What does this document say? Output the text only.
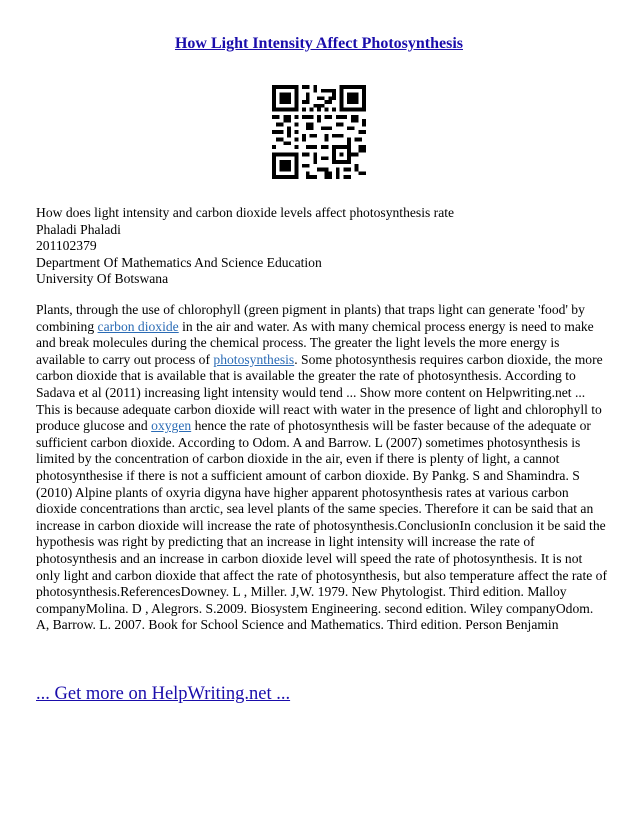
How Light Intensity Affect Photosynthesis
How does light intensity and carbon dioxide levels affect photosynthesis rate
Phaladi Phaladi
201102379
Department Of Mathematics And Science Education
University Of Botswana

Plants, through the use of chlorophyll (green pigment in plants) that traps light can generate 'food' by combining carbon dioxide in the air and water. As with many chemical process energy is need to make and break molecules during the chemical process. The greater the light levels the more energy is available to carry out process of photosynthesis. Some photosynthesis requires carbon dioxide, the more carbon dioxide that is available that is available the greater the rate of photosynthesis. According to Sadava et al (2011) increasing light intensity would tend ... Show more content on Helpwriting.net ...

This is because adequate carbon dioxide will react with water in the presence of light and chlorophyll to produce glucose and oxygen hence the rate of photosynthesis will be faster because of the adequate or sufficient carbon dioxide. According to Odom. A and Barrow. L (2007) sometimes photosynthesis is limited by the concentration of carbon dioxide in the air, even if there is plenty of light, a cannot photosynthesise if there is not a sufficient amount of carbon dioxide. By Pankg. S and Shamindra. S (2010) Alpine plants of oxyria digyna have higher apparent photosynthesis rates at various carbon dioxide concentrations than arctic, sea level plants of the same species. Therefore it can be said that an increase in carbon dioxide will increase the rate of photosynthesis.ConclusionIn conclusion it be said the hypothesis was right by predicting that an increase in light intensity will increase the rate of photosynthesis and an increase in carbon dioxide level will speed the rate of photosynthesis. It is not only light and carbon dioxide that affect the rate of photosynthesis, but also temperature affect the rate of photosynthesis.ReferencesDowney. L , Miller. J,W. 1979. New Phytologist. Third edition. Malloy companyMolina. D , Alegrors. S.2009. Biosystem Engineering. second edition. Wiley companyOdom. A, Barrow. L. 2007. Book for School Science and Mathematics. Third edition. Person Benjamin

... Get more on HelpWriting.net ...
